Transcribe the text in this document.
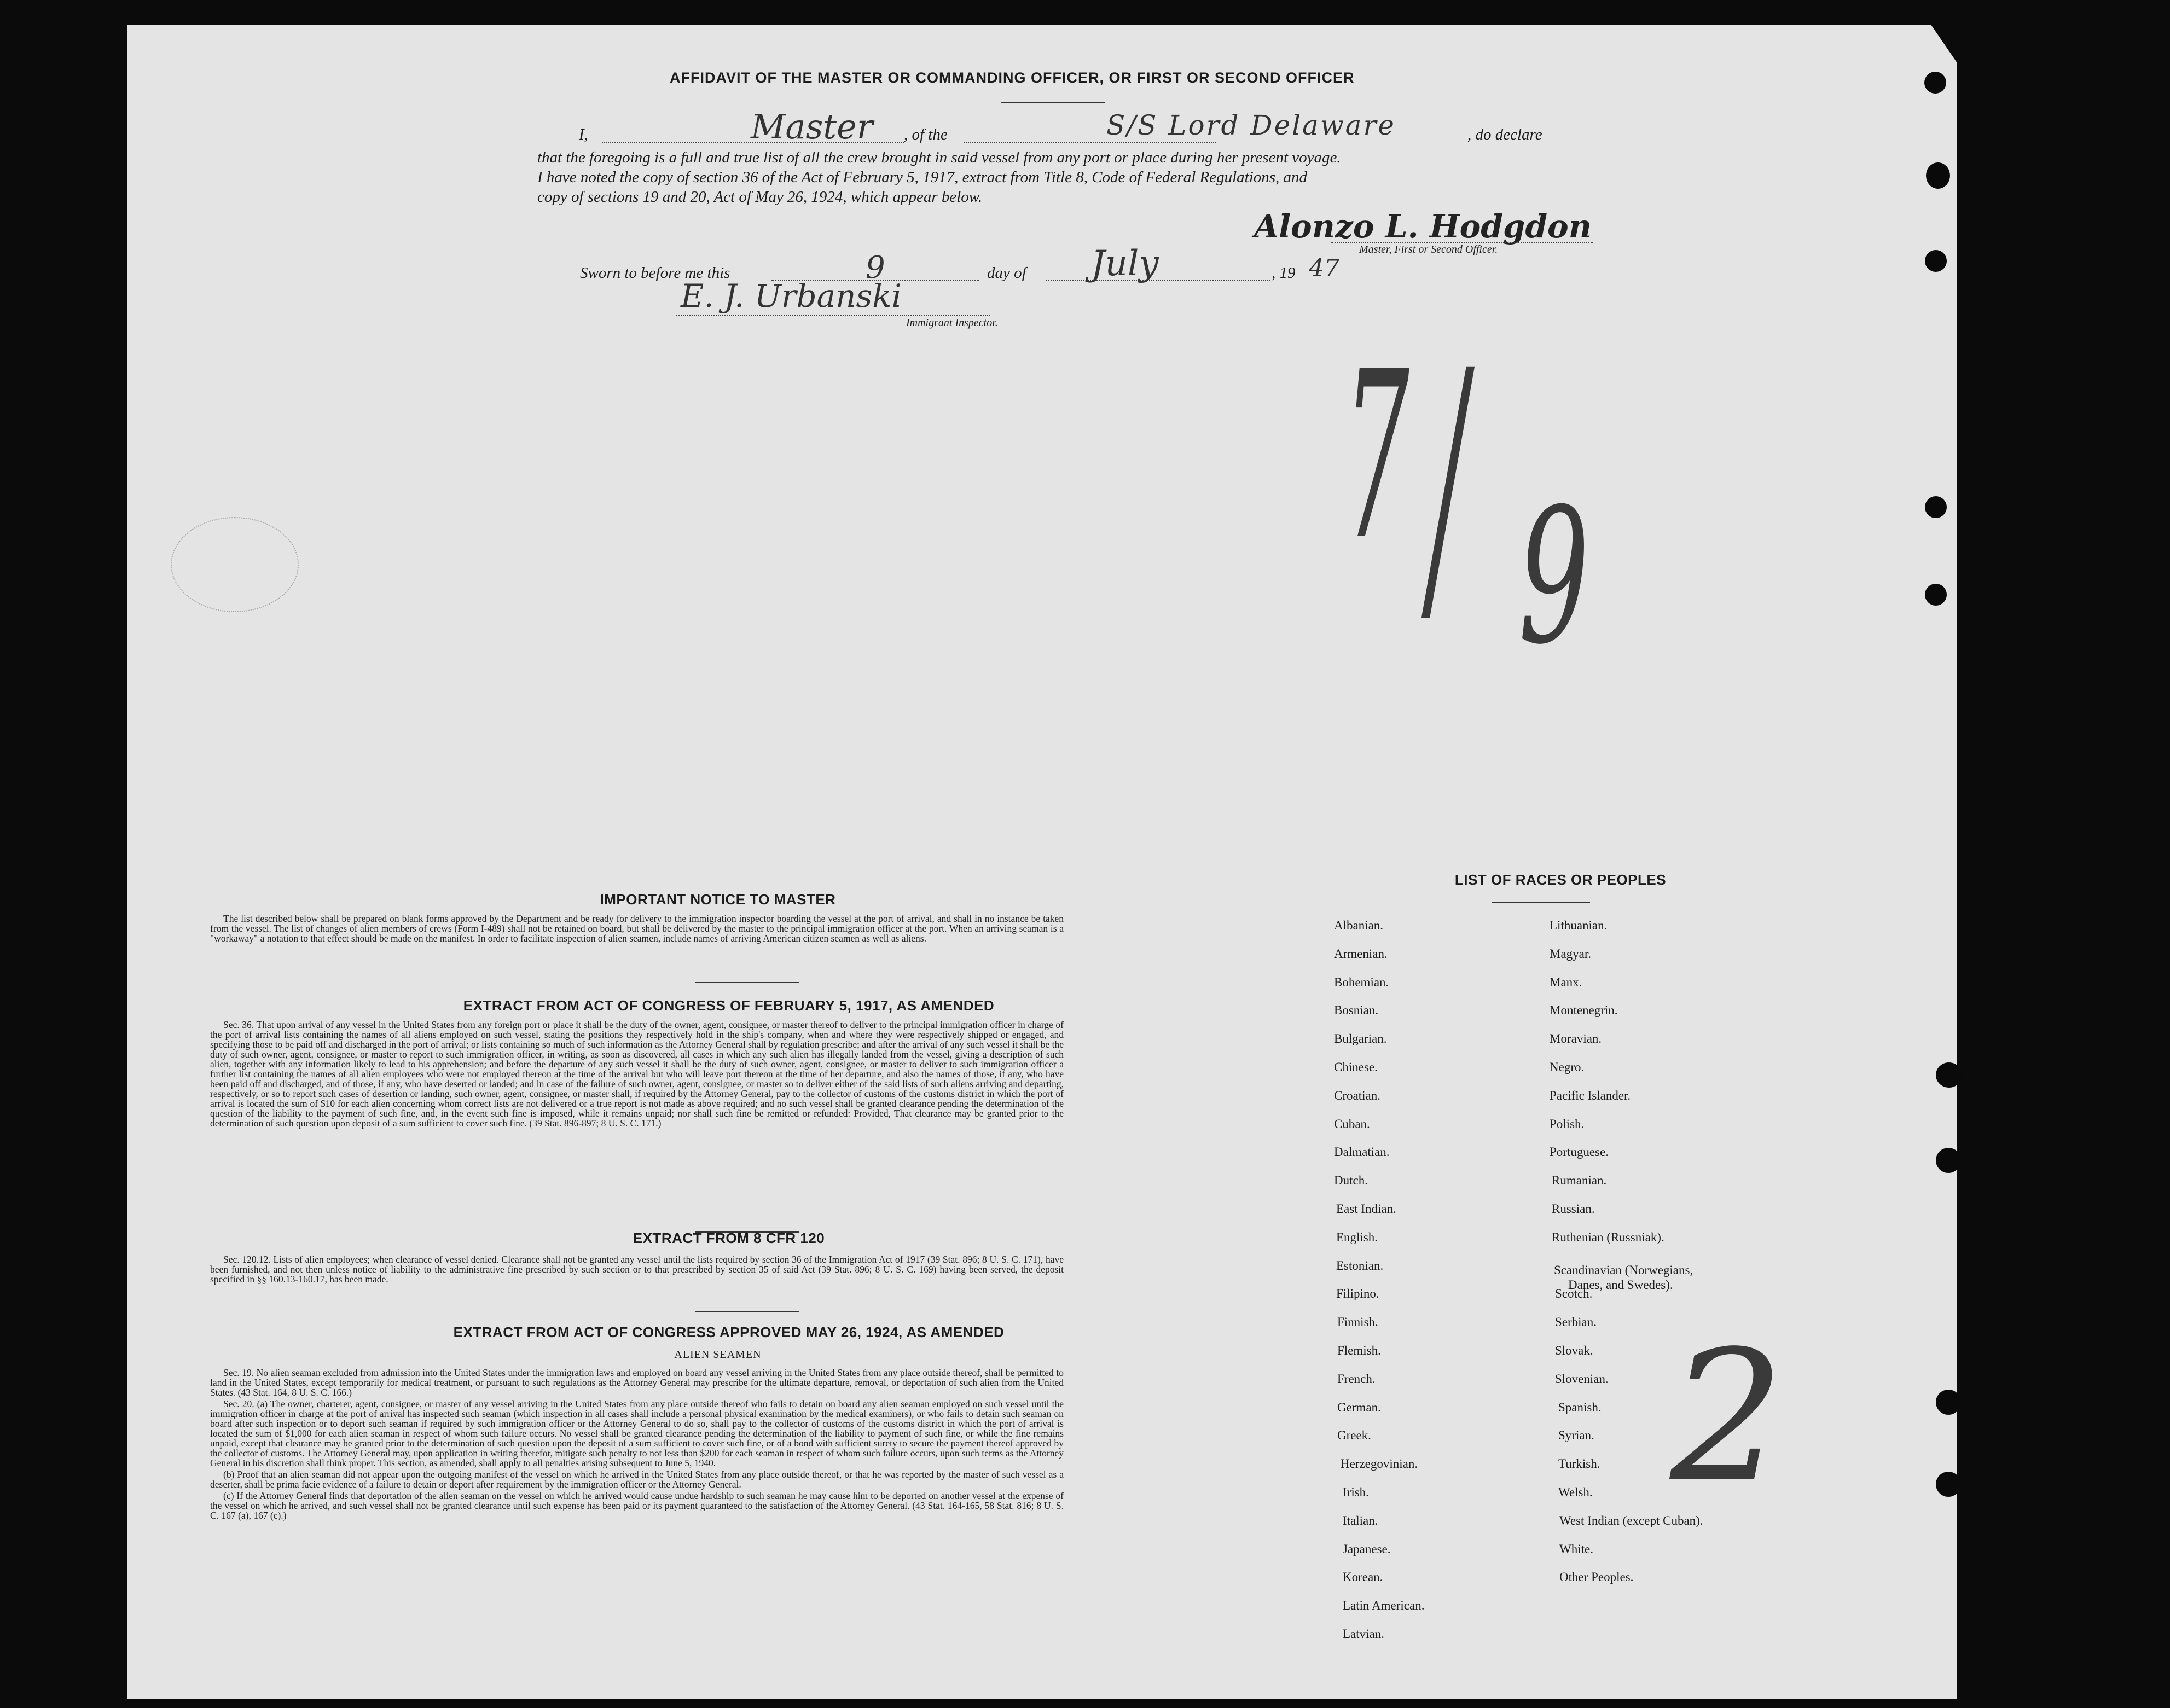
AFFIDAVIT OF THE MASTER OR COMMANDING OFFICER, OR FIRST OR SECOND OFFICER
I,	Master , of the	S/S Lord Delaware	, do declare
that the foregoing is a full and true list of all the crew brought in said vessel from any port or place during her present voyage.
I have noted the copy of section 36 of the Act of February 5, 1917, extract from Title 8, Code of Federal Regulations, and
copy of sections 19 and 20, Act of May 26, 1924, which appear below.
Alonzo L. Hodgdon
Master, First or Second Officer.
Sworn to before me this	9	day of July	, 19 47
E. J. Urbanski
Immigrant Inspector. 7 / 9
2
IMPORTANT NOTICE TO MASTER

The list described below shall be prepared on blank forms approved by the Department and be ready for delivery to the immigration inspector boarding the vessel at the port of arrival, and shall in no instance be taken from the vessel. The list of changes of alien members of crews (Form I-489) shall not be retained on board, but shall be delivered by the master to the principal immigration officer at the port. When an arriving seaman is a "workaway" a notation to that effect should be made on the manifest. In order to facilitate inspection of alien seamen, include names of arriving American citizen seamen as well as aliens.

EXTRACT FROM ACT OF CONGRESS OF FEBRUARY 5, 1917, AS AMENDED

Sec. 36. That upon arrival of any vessel in the United States from any foreign port or place it shall be the duty of the owner, agent, consignee, or master thereof to deliver to the principal immigration officer in charge of the port of arrival lists containing the names of all aliens employed on such vessel, stating the positions they respectively hold in the ship's company, when and where they were respectively shipped or engaged, and specifying those to be paid off and discharged in the port of arrival; or lists containing so much of such information as the Attorney General shall by regulation prescribe; and after the arrival of any such vessel it shall be the duty of such owner, agent, consignee, or master to report to such immigration officer, in writing, as soon as discovered, all cases in which any such alien has illegally landed from the vessel, giving a description of such alien, together with any information likely to lead to his apprehension; and before the departure of any such vessel it shall be the duty of such owner, agent, consignee, or master to deliver to such immigration officer a further list containing the names of all alien employees who were not employed thereon at the time of the arrival but who will leave port thereon at the time of her departure, and also the names of those, if any, who have been paid off and discharged, and of those, if any, who have deserted or landed; and in case of the failure of such owner, agent, consignee, or master so to deliver either of the said lists of such aliens arriving and departing, respectively, or so to report such cases of desertion or landing, such owner, agent, consignee, or master shall, if required by the Attorney General, pay to the collector of customs of the customs district in which the port of arrival is located the sum of $10 for each alien concerning whom correct lists are not delivered or a true report is not made as above required; and no such vessel shall be granted clearance pending the determination of the question of the liability to the payment of such fine, and, in the event such fine is imposed, while it remains unpaid; nor shall such fine be remitted or refunded: Provided, That clearance may be granted prior to the determination of such question upon deposit of a sum sufficient to cover such fine. (39 Stat. 896-897; 8 U. S. C. 171.)

EXTRACT FROM 8 CFR 120

Sec. 120.12. Lists of alien employees; when clearance of vessel denied. Clearance shall not be granted any vessel until the lists required by section 36 of the Immigration Act of 1917 (39 Stat. 896; 8 U. S. C. 171), have been furnished, and not then unless notice of liability to the administrative fine prescribed by such section or to that prescribed by section 35 of said Act (39 Stat. 896; 8 U. S. C. 169) having been served, the deposit specified in §§ 160.13-160.17, has been made.

EXTRACT FROM ACT OF CONGRESS APPROVED MAY 26, 1924, AS AMENDED
ALIEN SEAMEN

Sec. 19. No alien seaman excluded from admission into the United States under the immigration laws and employed on board any vessel arriving in the United States from any place outside thereof, shall be permitted to land in the United States, except temporarily for medical treatment, or pursuant to such regulations as the Attorney General may prescribe for the ultimate departure, removal, or deportation of such alien from the United States. (43 Stat. 164, 8 U. S. C. 166.)

Sec. 20. (a) The owner, charterer, agent, consignee, or master of any vessel arriving in the United States from any place outside thereof who fails to detain on board any alien seaman employed on such vessel until the immigration officer in charge at the port of arrival has inspected such seaman (which inspection in all cases shall include a personal physical examination by the medical examiners), or who fails to detain such seaman on board after such inspection or to deport such seaman if required by such immigration officer or the Attorney General to do so, shall pay to the collector of customs of the customs district in which the port of arrival is located the sum of $1,000 for each alien seaman in respect of whom such failure occurs. No vessel shall be granted clearance pending the determination of the liability to payment of such fine, or while the fine remains unpaid, except that clearance may be granted prior to the determination of such question upon the deposit of a sum sufficient to cover such fine, or of a bond with sufficient surety to secure the payment thereof approved by the collector of customs. The Attorney General may, upon application in writing therefor, mitigate such penalty to not less than $200 for each seaman in respect of whom such failure occurs, upon such terms as the Attorney General in his discretion shall think proper. This section, as amended, shall apply to all penalties arising subsequent to June 5, 1940.

(b) Proof that an alien seaman did not appear upon the outgoing manifest of the vessel on which he arrived in the United States from any place outside thereof, or that he was reported by the master of such vessel as a deserter, shall be prima facie evidence of a failure to detain or deport after requirement by the immigration officer or the Attorney General.

(c) If the Attorney General finds that deportation of the alien seaman on the vessel on which he arrived would cause undue hardship to such seaman he may cause him to be deported on another vessel at the expense of the vessel on which he arrived, and such vessel shall not be granted clearance until such expense has been paid or its payment guaranteed to the satisfaction of the Attorney General. (43 Stat. 164-165, 58 Stat. 816; 8 U. S. C. 167 (a), 167 (c).)

LIST OF RACES OR PEOPLES
Albanian.
Armenian.
Bohemian.
Bosnian.
Bulgarian.
Chinese.
Croatian.
Cuban.
Dalmatian.
Dutch.
East Indian.
English.
Estonian.
Filipino.
Finnish.
Flemish.
French.
German.
Greek.
Herzegovinian.
Irish.
Italian.
Japanese.
Korean.
Latin American.
Latvian.
Lithuanian.
Magyar.
Manx.
Montenegrin.
Moravian.
Negro.
Pacific Islander.
Polish.
Portuguese.
Rumanian.
Russian.
Ruthenian (Russniak).
Scandinavian (Norwegians,
Danes, and Swedes).
Scotch.
Serbian.
Slovak.
Slovenian.
Spanish.
Syrian.
Turkish.
Welsh.
West Indian (except Cuban).
White.
Other Peoples.
